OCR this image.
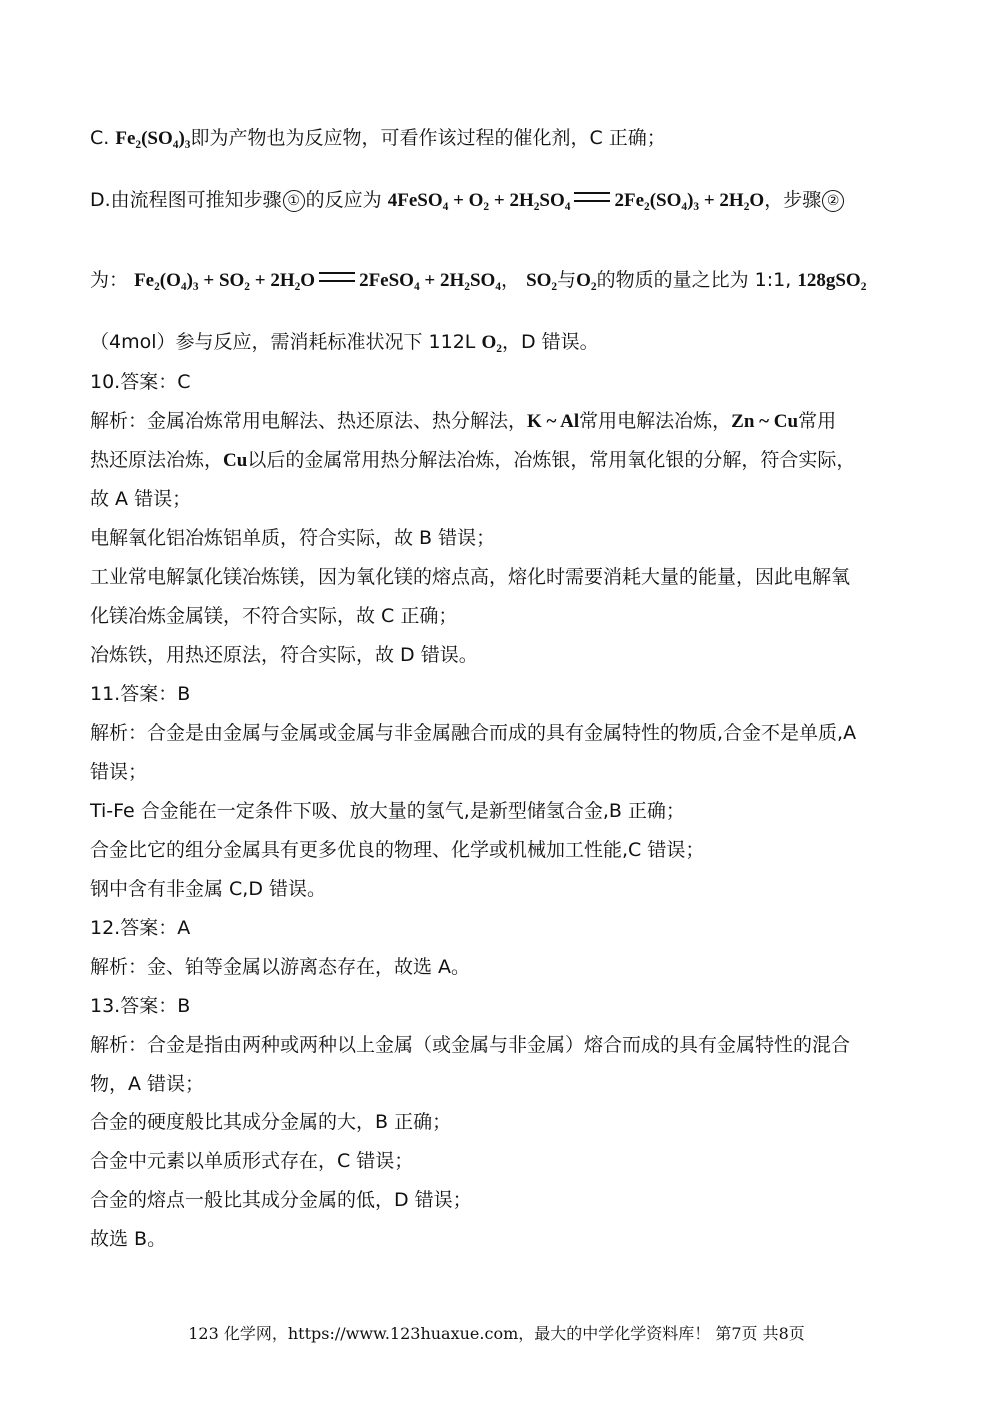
C. Fe₂(SO₄)₃即为产物也为反应物，可看作该过程的催化剂，C 正确；
D.由流程图可推知步骤 ① 的反应为 4FeSO₄ + O₂ + 2H₂SO₄ 2Fe₂(SO₄)₃ + 2H₂O，步骤 ②
为： Fe₂(O₄)₃ + SO₂ + 2H₂O 2FeSO₄ + 2H₂SO₄， SO₂与O₂的物质的量之比为 1:1, 128gSO₂
（4mol）参与反应，需消耗标准状况下 112L O₂，D 错误。
10.答案：C
解析：金属冶炼常用电解法、热还原法、热分解法，K ~ Al常用电解法冶炼，Zn ~ Cu常用
热还原法冶炼，Cu以后的金属常用热分解法冶炼，冶炼银，常用氧化银的分解，符合实际，
故 A 错误；
电解氧化铝冶炼铝单质，符合实际，故 B 错误；
工业常电解氯化镁冶炼镁，因为氧化镁的熔点高，熔化时需要消耗大量的能量，因此电解氧
化镁冶炼金属镁，不符合实际，故 C 正确；
冶炼铁，用热还原法，符合实际，故 D 错误。
11.答案：B
解析：合金是由金属与金属或金属与非金属融合而成的具有金属特性的物质,合金不是单质,A
错误；
Ti-Fe 合金能在一定条件下吸、放大量的氢气,是新型储氢合金,B 正确；
合金比它的组分金属具有更多优良的物理、化学或机械加工性能,C 错误；
钢中含有非金属 C,D 错误。
12.答案：A
解析：金、铂等金属以游离态存在，故选 A。
13.答案：B
解析：合金是指由两种或两种以上金属（或金属与非金属）熔合而成的具有金属特性的混合
物，A 错误；
合金的硬度般比其成分金属的大，B 正确；
合金中元素以单质形式存在，C 错误；
合金的熔点一般比其成分金属的低，D 错误；
故选 B。
123 化学网，https://www.123huaxue.com，最大的中学化学资料库！ 第7页 共8页
